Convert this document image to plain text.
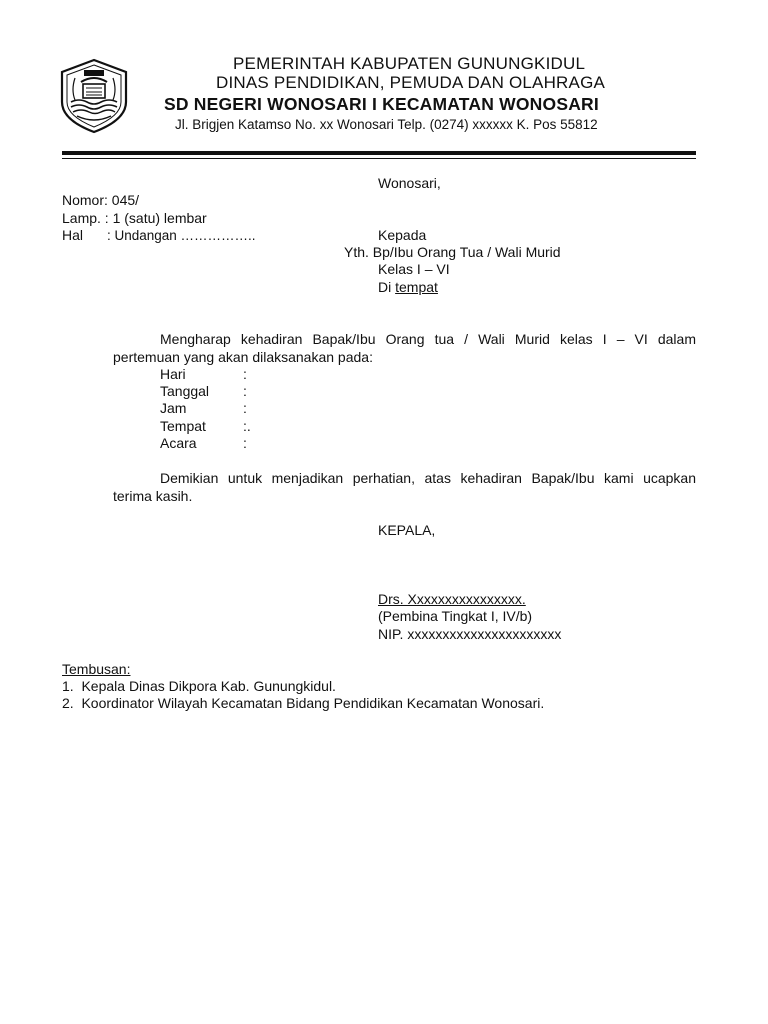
PEMERINTAH KABUPATEN GUNUNGKIDUL
DINAS PENDIDIKAN, PEMUDA DAN OLAHRAGA
SD NEGERI WONOSARI I KECAMATAN WONOSARI
Jl. Brigjen Katamso No. xx Wonosari Telp. (0274) xxxxxx K. Pos 55812
Wonosari,
Nomor: 045/
Lamp. : 1 (satu) lembar
Hal : Undangan ……………..	Kepada
Yth. Bp/Ibu Orang Tua / Wali Murid
Kelas I – VI
Di tempat
Mengharap kehadiran Bapak/Ibu Orang tua / Wali Murid kelas I – VI dalam
pertemuan yang akan dilaksanakan pada:
Hari	:
Tanggal :
Jam	:
Tempat	:.
Acara	:
Demikian untuk menjadikan perhatian, atas kehadiran Bapak/Ibu kami ucapkan
terima kasih.
KEPALA,
Drs. Xxxxxxxxxxxxxxxx.
(Pembina Tingkat I, IV/b)
NIP. xxxxxxxxxxxxxxxxxxxxxx
Tembusan:
1.  Kepala Dinas Dikpora Kab. Gunungkidul.
2.  Koordinator Wilayah Kecamatan Bidang Pendidikan Kecamatan Wonosari.
